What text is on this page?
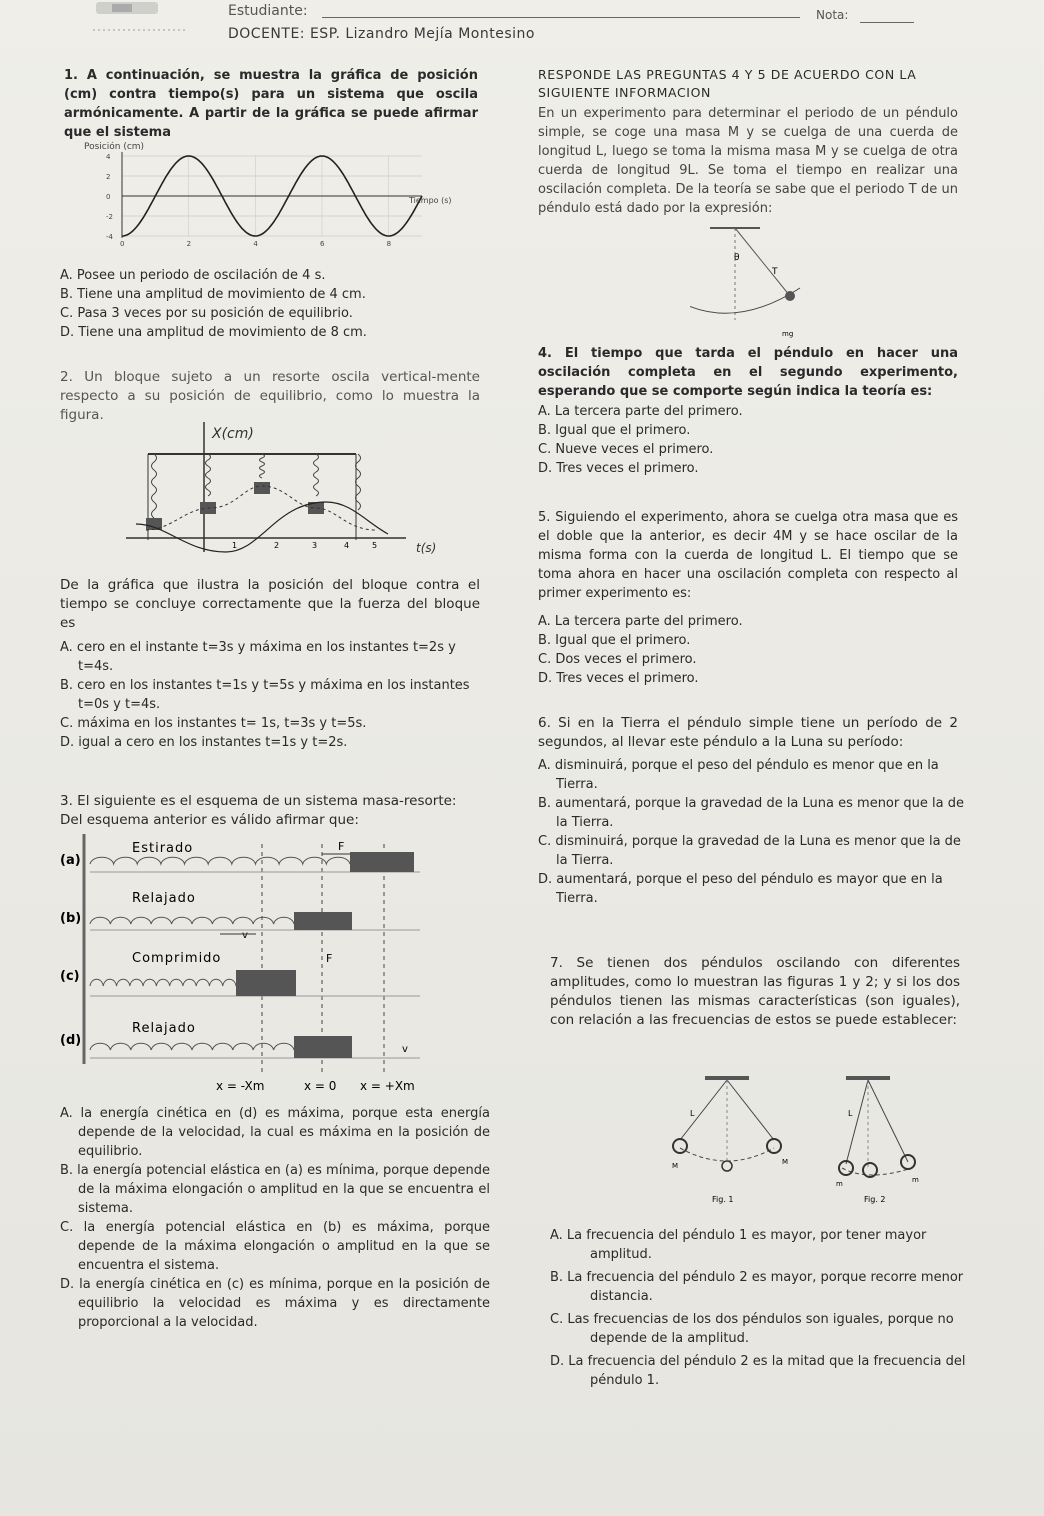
Estudiante:	Nota:
DOCENTE: ESP. Lizandro Mejía Montesino
1. A continuación, se muestra la gráfica de posición (cm) contra tiempo(s) para un sistema que oscila armónicamente. A partir de la gráfica se puede afirmar que el sistema
Posición (cm)
Tiempo (s)
4
2
0
-2
-4
0	2	4	6	8
A. Posee un periodo de oscilación de 4 s.
B. Tiene una amplitud de movimiento de 4 cm.
C. Pasa 3 veces por su posición de equilibrio.
D. Tiene una amplitud de movimiento de 8 cm.
2. Un bloque sujeto a un resorte oscila vertical-mente respecto a su posición de equilibrio, como lo muestra la figura.
X(cm)
t(s)
1	2	3	4	5
De la gráfica que ilustra la posición del bloque contra el tiempo se concluye correctamente que la fuerza del bloque es
A. cero en el instante t=3s y máxima en los instantes t=2s y t=4s.
B. cero en los instantes t=1s y t=5s y máxima en los instantes t=0s y t=4s.
C. máxima en los instantes t= 1s, t=3s y t=5s.
D. igual a cero en los instantes t=1s y t=2s.
3. El siguiente es el esquema de un sistema masa-resorte: Del esquema anterior es válido afirmar que:
(a)
Estirado	F
(b)
Relajado
v
(c)
Comprimido	F
(d)
Relajado
v
x = -Xm	x = 0 x = +Xm
A. la energía cinética en (d) es máxima, porque esta energía depende de la velocidad, la cual es máxima en la posición de equilibrio.
B. la energía potencial elástica en (a) es mínima, porque depende de la máxima elongación o amplitud en la que se encuentra el sistema.
C. la energía potencial elástica en (b) es máxima, porque depende de la máxima elongación o amplitud en la que se encuentra el sistema.
D. la energía cinética en (c) es mínima, porque en la posición de equilibrio la velocidad es máxima y es directamente proporcional a la velocidad.
RESPONDE LAS PREGUNTAS 4 Y 5 DE ACUERDO CON LA SIGUIENTE INFORMACION
En un experimento para determinar el periodo de un péndulo simple, se coge una masa M y se cuelga de una cuerda de longitud L, luego se toma la misma masa M y se cuelga de otra cuerda de longitud 9L. Se toma el tiempo en realizar una oscilación completa. De la teoría se sabe que el periodo T de un péndulo está dado por la expresión:
θ
T
mg
4. El tiempo que tarda el péndulo en hacer una oscilación completa en el segundo experimento, esperando que se comporte según indica la teoría es:
A. La tercera parte del primero.
B. Igual que el primero.
C. Nueve veces el primero.
D. Tres veces el primero.
5. Siguiendo el experimento, ahora se cuelga otra masa que es el doble que la anterior, es decir 4M y se hace oscilar de la misma forma con la cuerda de longitud L. El tiempo que se toma ahora en hacer una oscilación completa con respecto al primer experimento es:
A. La tercera parte del primero.
B. Igual que el primero.
C. Dos veces el primero.
D. Tres veces el primero.
6. Si en la Tierra el péndulo simple tiene un período de 2 segundos, al llevar este péndulo a la Luna su período:
A. disminuirá, porque el peso del péndulo es menor que en la Tierra.
B. aumentará, porque la gravedad de la Luna es menor que la de la Tierra.
C. disminuirá, porque la gravedad de la Luna es menor que la de la Tierra.
D. aumentará, porque el peso del péndulo es mayor que en la Tierra.
7. Se tienen dos péndulos oscilando con diferentes amplitudes, como lo muestran las figuras 1 y 2; y si los dos péndulos tienen las mismas características (son iguales), con relación a las frecuencias de estos se puede establecer:
L
M	M
Fig. 1
L
m	m
Fig. 2
A. La frecuencia del péndulo 1 es mayor, por tener mayor amplitud.
B. La frecuencia del péndulo 2 es mayor, porque recorre menor distancia.
C. Las frecuencias de los dos péndulos son iguales, porque no depende de la amplitud.
D. La frecuencia del péndulo 2 es la mitad que la frecuencia del péndulo 1.
